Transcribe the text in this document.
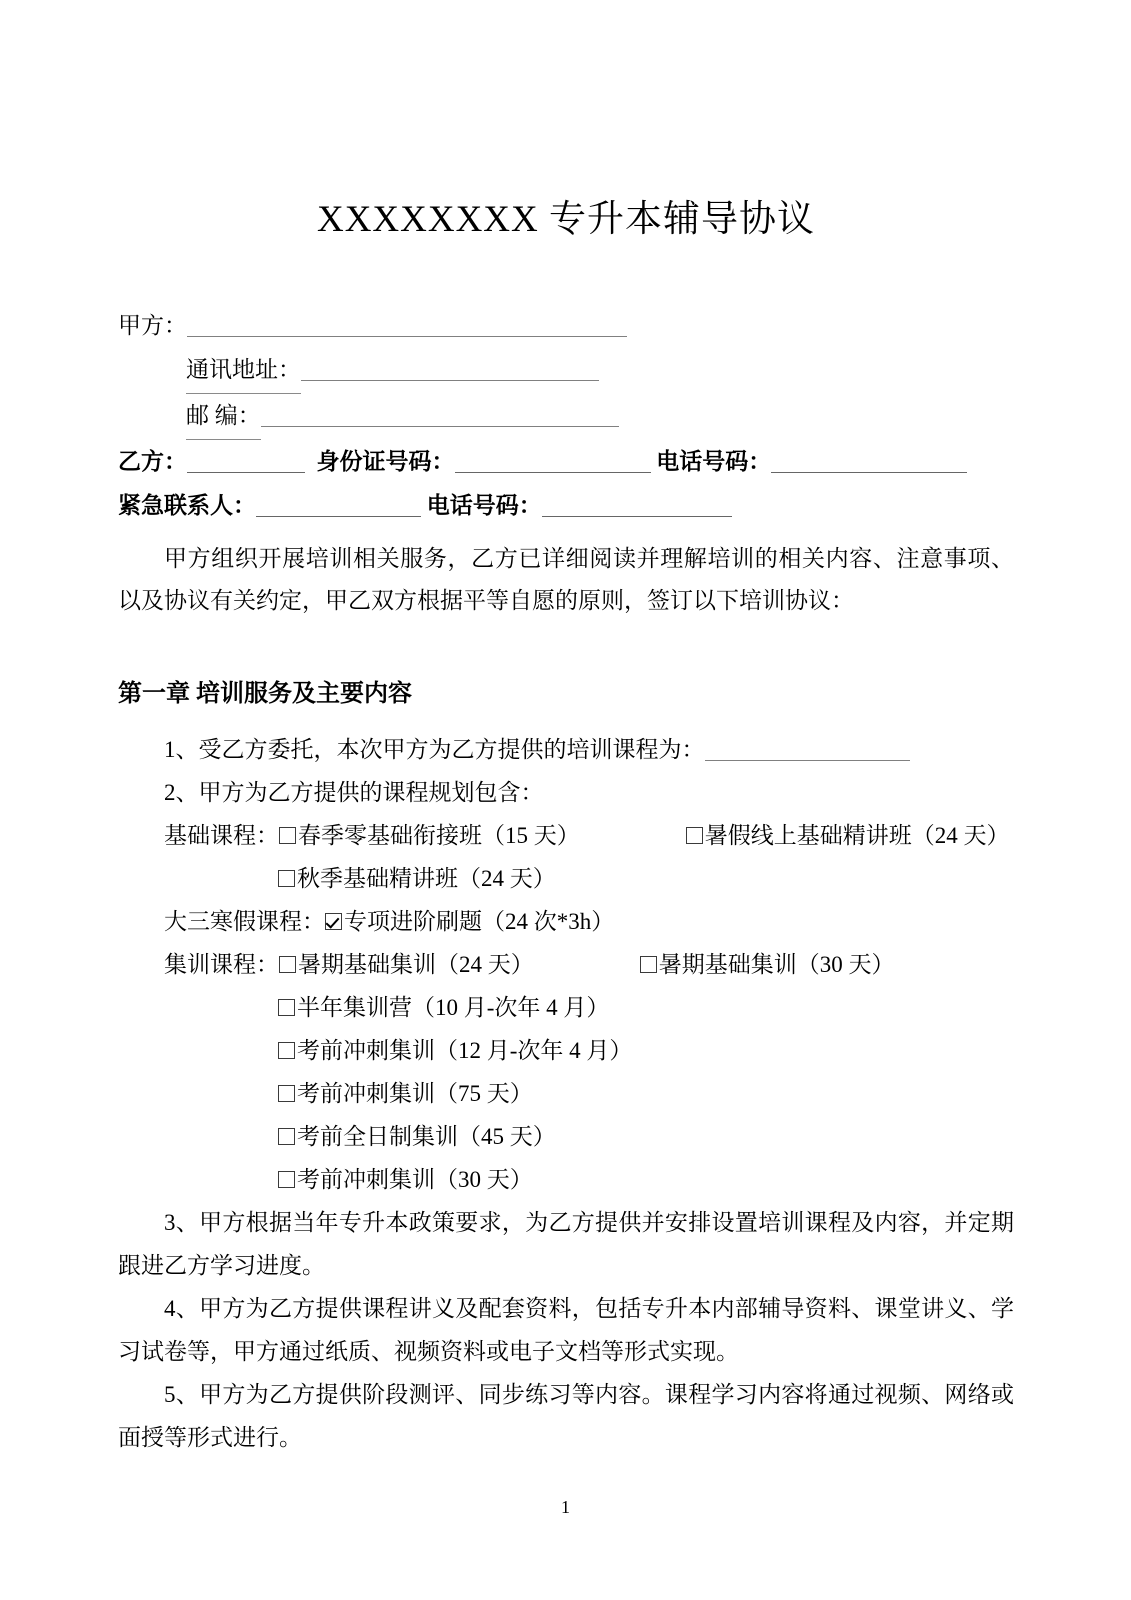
XXXXXXXX 专升本辅导协议
甲方：
通讯地址：
邮 编：
乙方：	身份证号码：	电话号码：
紧急联系人：	电话号码：

甲方组织开展培训相关服务，乙方已详细阅读并理解培训的相关内容、注意事项、以及协议有关约定，甲乙双方根据平等自愿的原则，签订以下培训协议：

第一章 培训服务及主要内容
1、受乙方委托，本次甲方为乙方提供的培训课程为：
2、甲方为乙方提供的课程规划包含：
基础课程： 春季零基础衔接班（15 天）	暑假线上基础精讲班（24 天）
秋季基础精讲班（24 天）
大三寒假课程： 专项进阶刷题（24 次*3h）
集训课程： 暑期基础集训（24 天）	暑期基础集训（30 天）
半年集训营（10 月-次年 4 月）
考前冲刺集训（12 月-次年 4 月）
考前冲刺集训（75 天）
考前全日制集训（45 天）
考前冲刺集训（30 天）
3、甲方根据当年专升本政策要求，为乙方提供并安排设置培训课程及内容，并定期跟进乙方学习进度。
4、甲方为乙方提供课程讲义及配套资料，包括专升本内部辅导资料、课堂讲义、学习试卷等，甲方通过纸质、视频资料或电子文档等形式实现。
5、甲方为乙方提供阶段测评、同步练习等内容。课程学习内容将通过视频、网络或面授等形式进行。
1
